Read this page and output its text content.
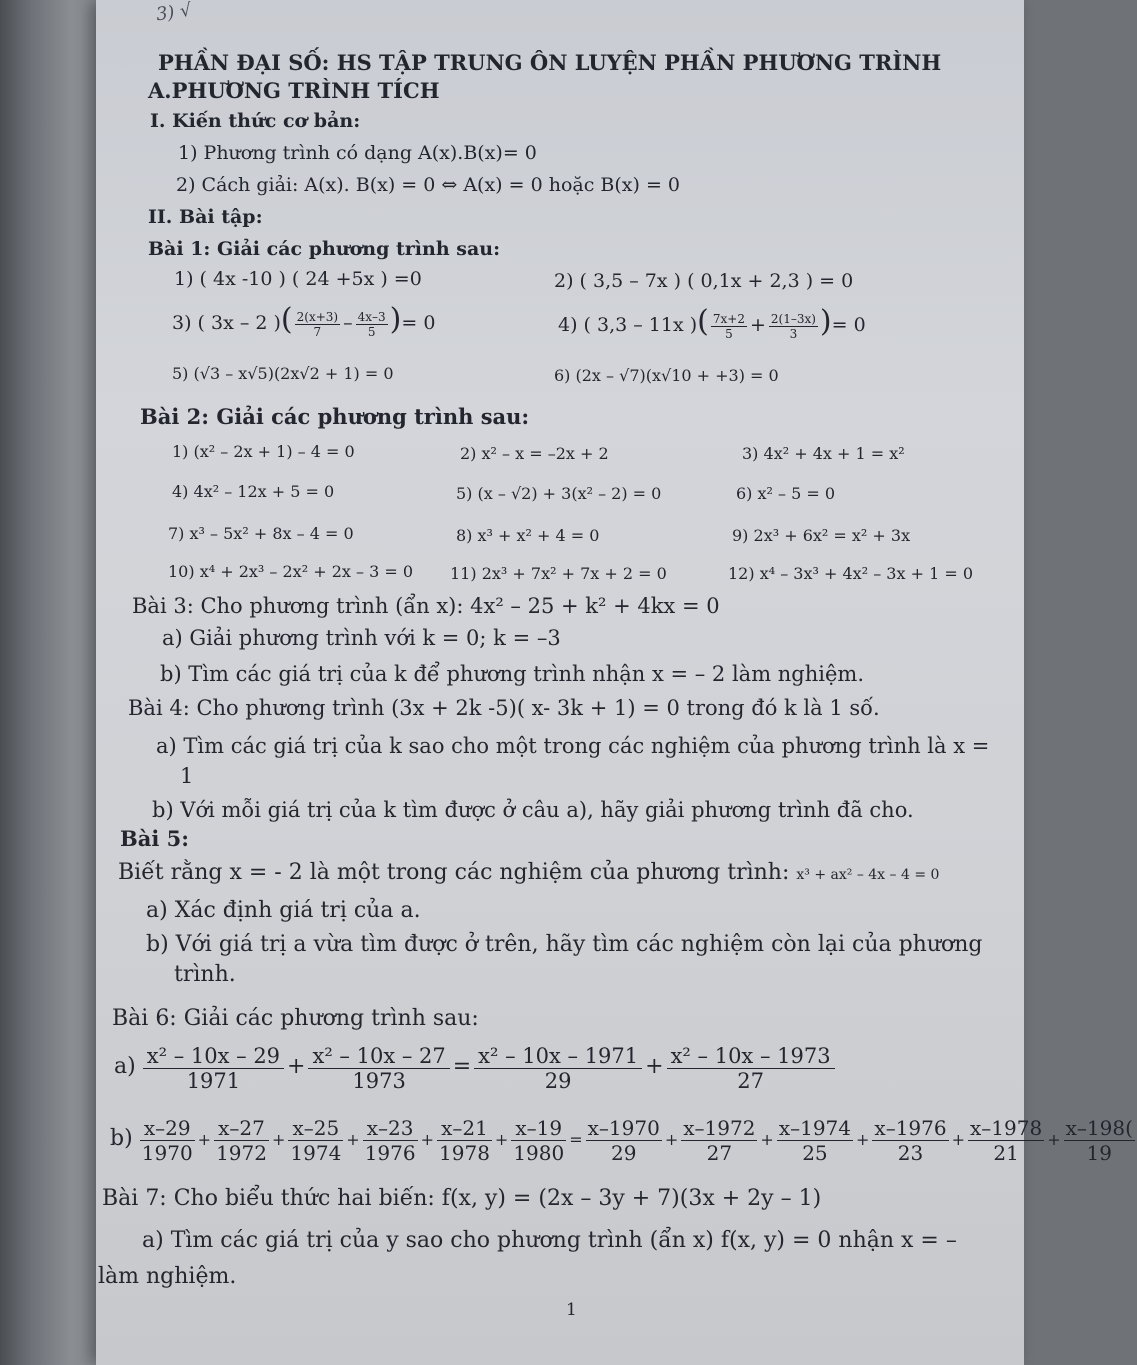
3) √
PHẦN ĐẠI SỐ: HS TẬP TRUNG ÔN LUYỆN PHẦN PHƯƠNG TRÌNH
A.PHƯƠNG TRÌNH TÍCH
I. Kiến thức cơ bản:
1) Phương trình có dạng A(x).B(x)= 0
2) Cách giải: A(x). B(x) = 0 ⇔ A(x) = 0 hoặc B(x) = 0
II. Bài tập:
Bài 1: Giải các phương trình sau:
1) ( 4x -10 ) ( 24 +5x ) =0	2) ( 3,5 – 7x ) ( 0,1x + 2,3 ) = 0
3) ( 3x – 2 )( $\frac{2(x+3)}{7} - \frac{4x-3}{5}$ )= 0	4) ( 3,3 – 11x )( $\frac{7x+2}{5} + \frac{2(1-3x)}{3}$ )= 0
5) (√3 – x√5)(2x√2 + 1) = 0	6) (2x – √7)(x√10 + +3) = 0
Bài 2: Giải các phương trình sau:
1) (x² – 2x + 1) – 4 = 0	2) x² – x = –2x + 2	3) 4x² + 4x + 1 = x²
4) 4x² – 12x + 5 = 0	5) (x – √2) + 3(x² – 2) = 0	6) x² – 5 = 0
7) x³ – 5x² + 8x – 4 = 0	8) x³ + x² + 4 = 0	9) 2x³ + 6x² = x² + 3x
10) x⁴ + 2x³ – 2x² + 2x – 3 = 0 11) 2x³ + 7x² + 7x + 2 = 0	12) x⁴ – 3x³ + 4x² – 3x + 1 = 0
Bài 3: Cho phương trình (ẩn x): 4x² – 25 + k² + 4kx = 0
a) Giải phương trình với k = 0; k = –3
b) Tìm các giá trị của k để phương trình nhận x = – 2 làm nghiệm.
Bài 4: Cho phương trình (3x + 2k -5)( x- 3k + 1) = 0 trong đó k là 1 số.
a) Tìm các giá trị của k sao cho một trong các nghiệm của phương trình là x =
1
b) Với mỗi giá trị của k tìm được ở câu a), hãy giải phương trình đã cho.
Bài 5:
Biết rằng x = - 2 là một trong các nghiệm của phương trình: x³ + ax² – 4x – 4 = 0
a) Xác định giá trị của a.
b) Với giá trị a vừa tìm được ở trên, hãy tìm các nghiệm còn lại của phương
trình.
Bài 6: Giải các phương trình sau:
$a) \frac{\text{x² – 10x – 29}}{1971} + \frac{\text{x² – 10x – 27}}{1973} = \frac{\text{x² – 10x – 1971}}{29} + \frac{\text{x² – 10x – 1973}}{27}$
$b) \frac{x-29}{1970} + \frac{x-27}{1972} + \frac{x-25}{1974} + \frac{x-23}{1976} + \frac{x-21}{1978} + \frac{x-19}{1980} = \frac{x-1970}{29} + \frac{x-1972}{27} + \frac{x-1974}{25} + \frac{x-1976}{23} + \frac{x-1978}{21} + \frac{x-198(}{19}$
Bài 7: Cho biểu thức hai biến: f(x, y) = (2x – 3y + 7)(3x + 2y – 1)
a) Tìm các giá trị của y sao cho phương trình (ẩn x) f(x, y) = 0 nhận x = –
làm nghiệm.
1
